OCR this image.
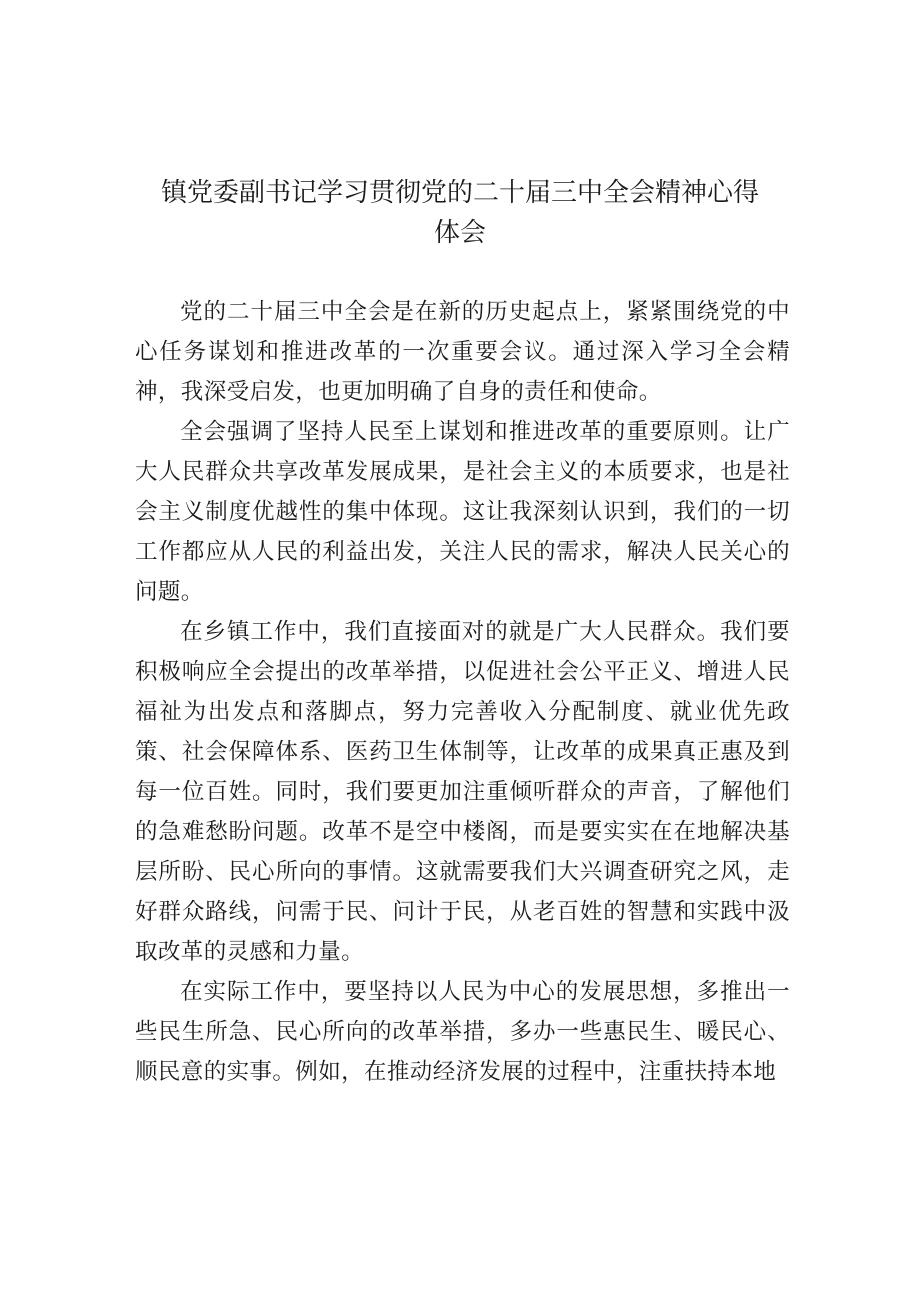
镇党委副书记学习贯彻党的二十届三中全会精神心得
体会

党的二十届三中全会是在新的历史起点上，紧紧围绕党的中心任务谋划和推进改革的一次重要会议。通过深入学习全会精神，我深受启发，也更加明确了自身的责任和使命。

全会强调了坚持人民至上谋划和推进改革的重要原则。让广大人民群众共享改革发展成果，是社会主义的本质要求，也是社会主义制度优越性的集中体现。这让我深刻认识到，我们的一切工作都应从人民的利益出发，关注人民的需求，解决人民关心的问题。

在乡镇工作中，我们直接面对的就是广大人民群众。我们要积极响应全会提出的改革举措，以促进社会公平正义、增进人民福祉为出发点和落脚点，努力完善收入分配制度、就业优先政策、社会保障体系、医药卫生体制等，让改革的成果真正惠及到每一位百姓。同时，我们要更加注重倾听群众的声音，了解他们的急难愁盼问题。改革不是空中楼阁，而是要实实在在地解决基层所盼、民心所向的事情。这就需要我们大兴调查研究之风，走好群众路线，问需于民、问计于民，从老百姓的智慧和实践中汲取改革的灵感和力量。

在实际工作中，要坚持以人民为中心的发展思想，多推出一些民生所急、民心所向的改革举措，多办一些惠民生、暖民心、顺民意的实事。例如，在推动经济发展的过程中，注重扶持本地
